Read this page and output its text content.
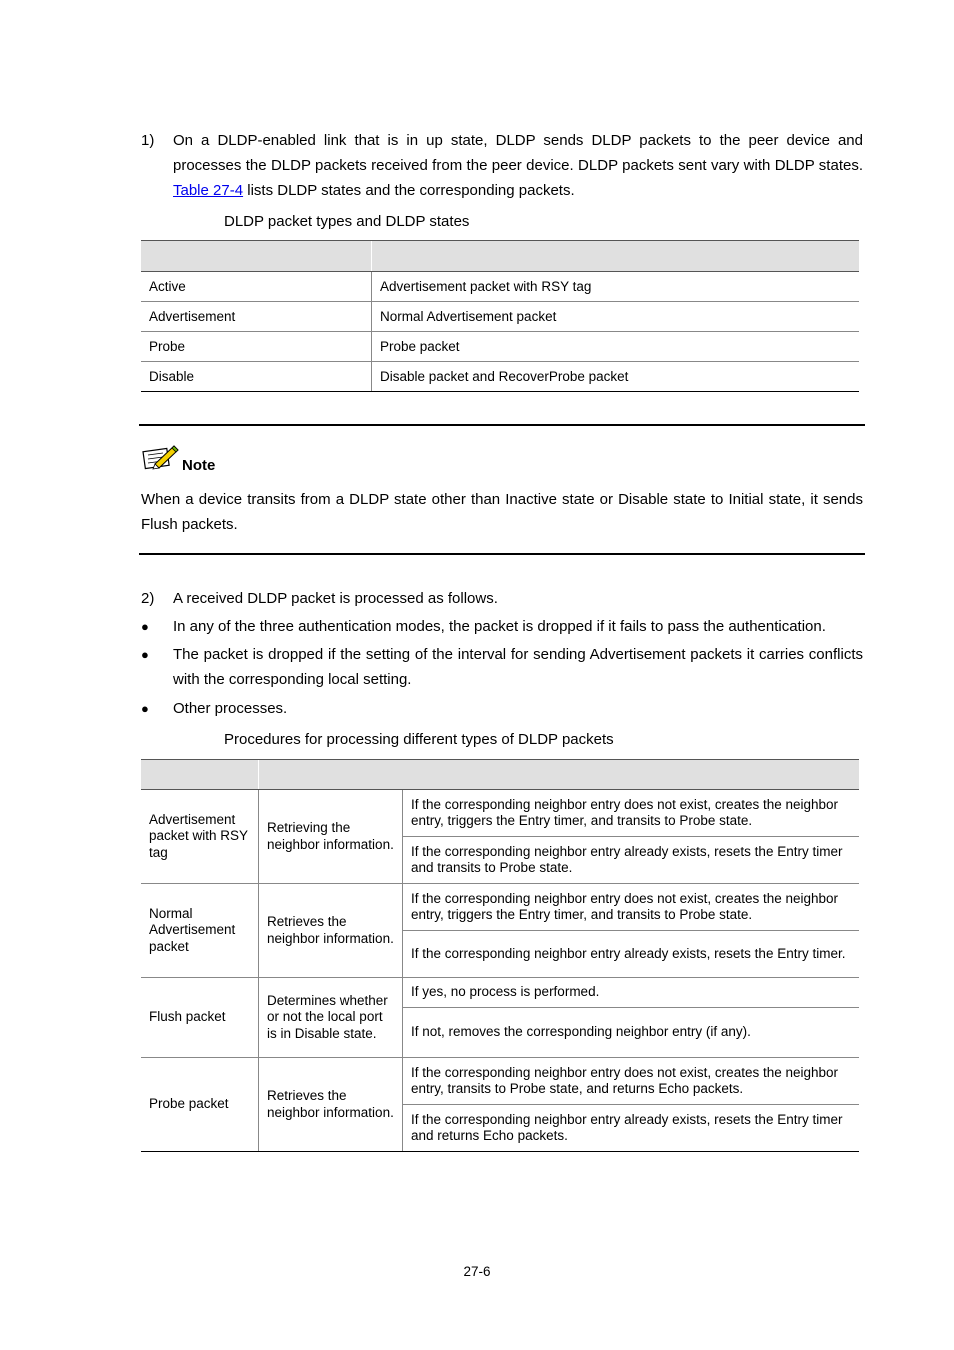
1) On a DLDP-enabled link that is in up state, DLDP sends DLDP packets to the peer device and processes the DLDP packets received from the peer device. DLDP packets sent vary with DLDP states. Table 27-4 lists DLDP states and the corresponding packets.
DLDP packet types and DLDP states

Active	Advertisement packet with RSY tag
Advertisement	Normal Advertisement packet
Probe	Probe packet
Disable	Disable packet and RecoverProbe packet
Note
When a device transits from a DLDP state other than Inactive state or Disable state to Initial state, it sends Flush packets.
2) A received DLDP packet is processed as follows.
● In any of the three authentication modes, the packet is dropped if it fails to pass the authentication.
● The packet is dropped if the setting of the interval for sending Advertisement packets it carries conflicts with the corresponding local setting.
● Other processes.
Procedures for processing different types of DLDP packets

Advertisement packet with RSY tag	Retrieving the neighbor information.	If the corresponding neighbor entry does not exist, creates the neighbor entry, triggers the Entry timer, and transits to Probe state.
		If the corresponding neighbor entry already exists, resets the Entry timer and transits to Probe state.
Normal Advertisement packet	Retrieves the neighbor information.	If the corresponding neighbor entry does not exist, creates the neighbor entry, triggers the Entry timer, and transits to Probe state.
		If the corresponding neighbor entry already exists, resets the Entry timer.
Flush packet	Determines whether or not the local port is in Disable state.	If yes, no process is performed.
		If not, removes the corresponding neighbor entry (if any).
Probe packet	Retrieves the neighbor information.	If the corresponding neighbor entry does not exist, creates the neighbor entry, transits to Probe state, and returns Echo packets.
		If the corresponding neighbor entry already exists, resets the Entry timer and returns Echo packets.
27-6
